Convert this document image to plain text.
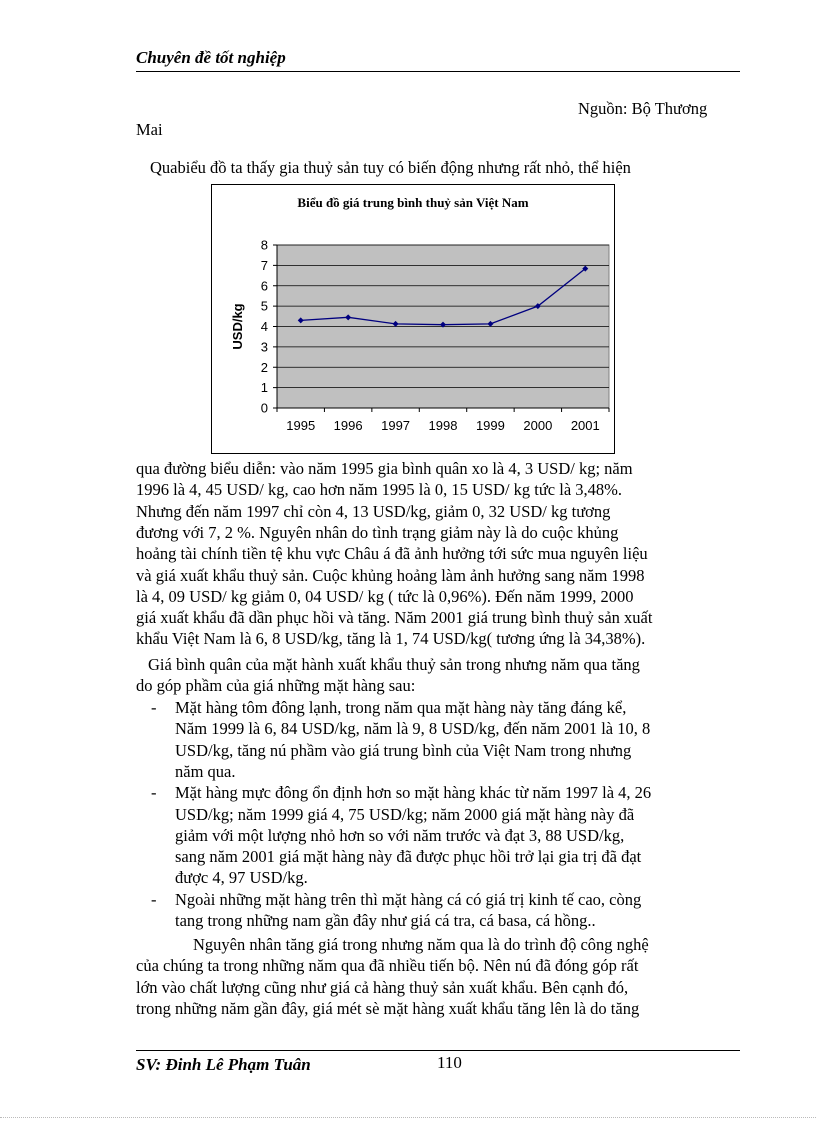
Chuyên đề tốt nghiệp
Nguồn: Bộ Thương
Mai
Quabiểu đồ ta thấy gia thuỷ sản tuy có biến động nhưng rất nhỏ, thể hiện
Biểu đồ giá trung bình thuỷ sản Việt Nam
0
1
2
3
4
5
6
7
8
1995 1996 1997 1998 1999 2000 2001
USD/kg
qua đường biểu diễn: vào năm 1995 gia bình quân xo là 4, 3 USD/ kg; năm
1996 là 4, 45 USD/ kg, cao hơn năm 1995 là 0, 15 USD/ kg tức là 3,48%.
Nhưng đến năm 1997 chỉ còn 4, 13 USD/kg, giảm 0, 32 USD/ kg tương
đương với 7, 2 %. Nguyên nhân do tình trạng giảm này là do cuộc khủng
hoảng tài chính tiền tệ khu vực Châu á đã ảnh hưởng tới sức mua nguyên liệu
và giá xuất khẩu thuỷ sản. Cuộc khủng hoảng làm ảnh hưởng sang năm 1998
là 4, 09 USD/ kg giảm 0, 04 USD/ kg ( tức là 0,96%). Đến năm 1999, 2000
giá xuất khẩu đã dần phục hồi và tăng. Năm 2001 giá trung bình thuỷ sản xuất
khẩu Việt Nam là 6, 8 USD/kg, tăng là 1, 74 USD/kg( tương ứng là 34,38%).
Giá bình quân của mặt hành xuất khẩu thuỷ sản trong nhưng năm qua tăng
do góp phầm của giá những mặt hàng sau:
- Mặt hàng tôm đông lạnh, trong năm qua mặt hàng này tăng đáng kể,
Năm 1999 là 6, 84 USD/kg, năm là 9, 8 USD/kg, đến năm 2001 là 10, 8
USD/kg, tăng nú phầm vào giá trung bình của Việt Nam trong nhưng
năm qua.
- Mặt hàng mực đông ổn định hơn so mặt hàng khác từ năm 1997 là 4, 26
USD/kg; năm 1999 giá 4, 75 USD/kg; năm 2000 giá mặt hàng này đã
giảm với một lượng nhỏ hơn so với năm trước và đạt 3, 88 USD/kg,
sang năm 2001 giá mặt hàng này đã được phục hồi trở lại gia trị đã đạt
được 4, 97 USD/kg.
- Ngoài những mặt hàng trên thì mặt hàng cá có giá trị kinh tế cao, còng
tang trong những nam gần đây như giá cá tra, cá basa, cá hồng..
Nguyên nhân tăng giá trong nhưng năm qua là do trình độ công nghệ
của chúng ta trong những năm qua đã nhiều tiến bộ. Nên nú đã đóng góp rất
lớn vào chất lượng cũng như giá cả hàng thuỷ sản xuất khẩu. Bên cạnh đó,
trong những năm gần đây, giá mét sè mặt hàng xuất khẩu tăng lên là do tăng
SV: Đinh Lê Phạm Tuân	110
